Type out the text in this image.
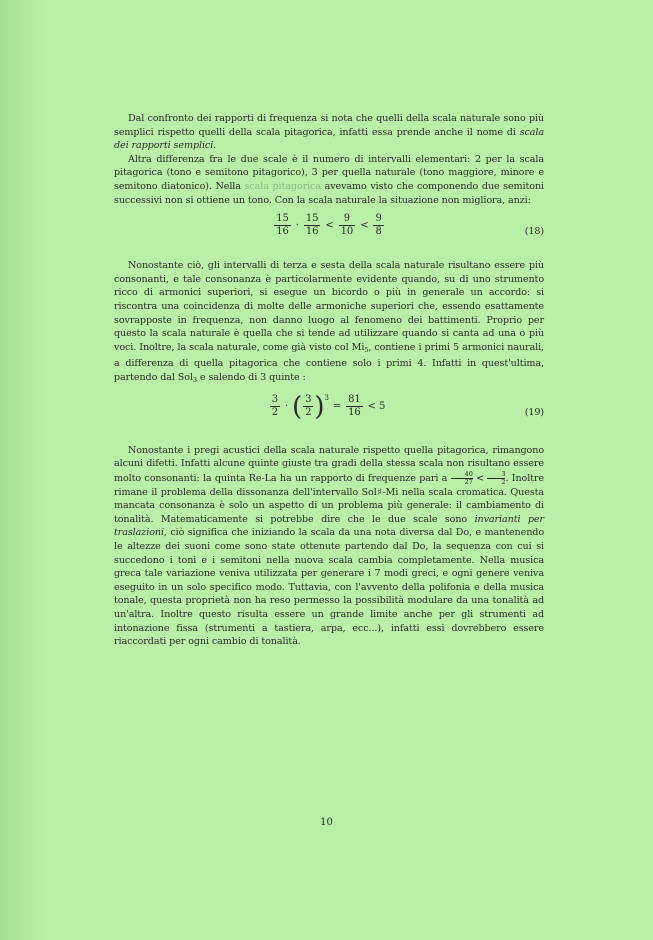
Dal confronto dei rapporti di frequenza si nota che quelli della scala naturale sono più semplici rispetto quelli della scala pitagorica, infatti essa prende anche il nome di scala dei rapporti semplici.

Altra differenza fra le due scale è il numero di intervalli elementari: 2 per la scala pitagorica (tono e semitono pitagorico), 3 per quella naturale (tono maggiore, minore e semitono diatonico). Nella scala pitagorica avevamo visto che componendo due semitoni successivi non si ottiene un tono. Con la scala naturale la situazione non migliora, anzi:

$\frac{15}{16} \cdot \frac{15}{16} < \frac{9}{10} < \frac{9}{8}$	(18)

Nonostante ciò, gli intervalli di terza e sesta della scala naturale risultano essere più consonanti, e tale consonanza è particolarmente evidente quando, su di uno strumento ricco di armonici superiori, si esegue un bicordo o più in generale un accordo: si riscontra una coincidenza di molte delle armoniche superiori che, essendo esattamente sovrapposte in frequenza, non danno luogo al fenomeno dei battimenti. Proprio per questo la scala naturale è quella che si tende ad utilizzare quando si canta ad una o più voci. Inoltre, la scala naturale, come già visto col $Mi_5$, contiene i primi 5 armonici naurali, a differenza di quella pitagorica che contiene solo i primi 4. Infatti in quest'ultima, partendo dal Sol$_3$ e salendo di 3 quinte :

$\frac{3}{2}$ · ( $\frac{3}{2} )3= \frac{81}{16} < 5$
(19)

Nonostante i pregi acustici della scala naturale rispetto quella pitagorica, rimangono alcuni difetti. Infatti alcune quinte giuste tra gradi della stessa scala non risultano essere molto consonanti: la quinta Re-La ha un rapporto di frequenze pari a $\frac{40}{27} < \frac{3}{2}$ . Inoltre rimane il problema della dissonanza dell'intervallo Sol♯-Mi nella scala cromatica. Questa mancata consonanza è solo un aspetto di un problema più generale: il cambiamento di tonalità. Matematicamente si potrebbe dire che le due scale sono invarianti per traslazioni, ciò significa che iniziando la scala da una nota diversa dal Do, e mantenendo le altezze dei suoni come sono state ottenute partendo dal Do, la sequenza con cui si succedono i toni e i semitoni nella nuova scala cambia completamente. Nella musica greca tale variazione veniva utilizzata per generare i 7 modi greci, e ogni genere veniva eseguito in un solo specifico modo. Tuttavia, con l'avvento della polifonia e della musica tonale, questa proprietà non ha reso permesso la possibilità modulare da una tonalità ad un'altra. Inoltre questo risulta essere un grande limite anche per gli strumenti ad intonazione fissa (strumenti a tastiera, arpa, ecc...), infatti essi dovrebbero essere riaccordati per ogni cambio di tonalità.

10
